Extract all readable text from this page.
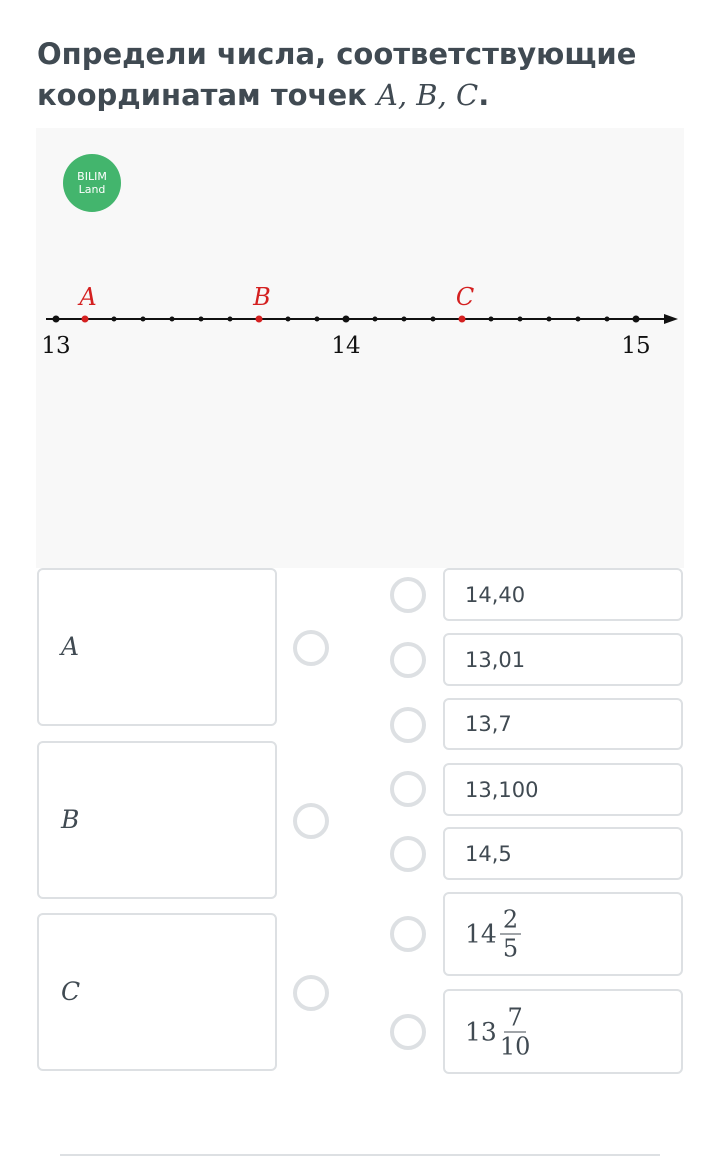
Определи числа, соответствующие координатам точек A, B, C.
BILIM
Land
13	14	15
A	B	C
A
B
C
14,40
13,01
13,7
13,100
14,5
$14 \frac{2}{5}$
$13 \frac{7}{10}$
